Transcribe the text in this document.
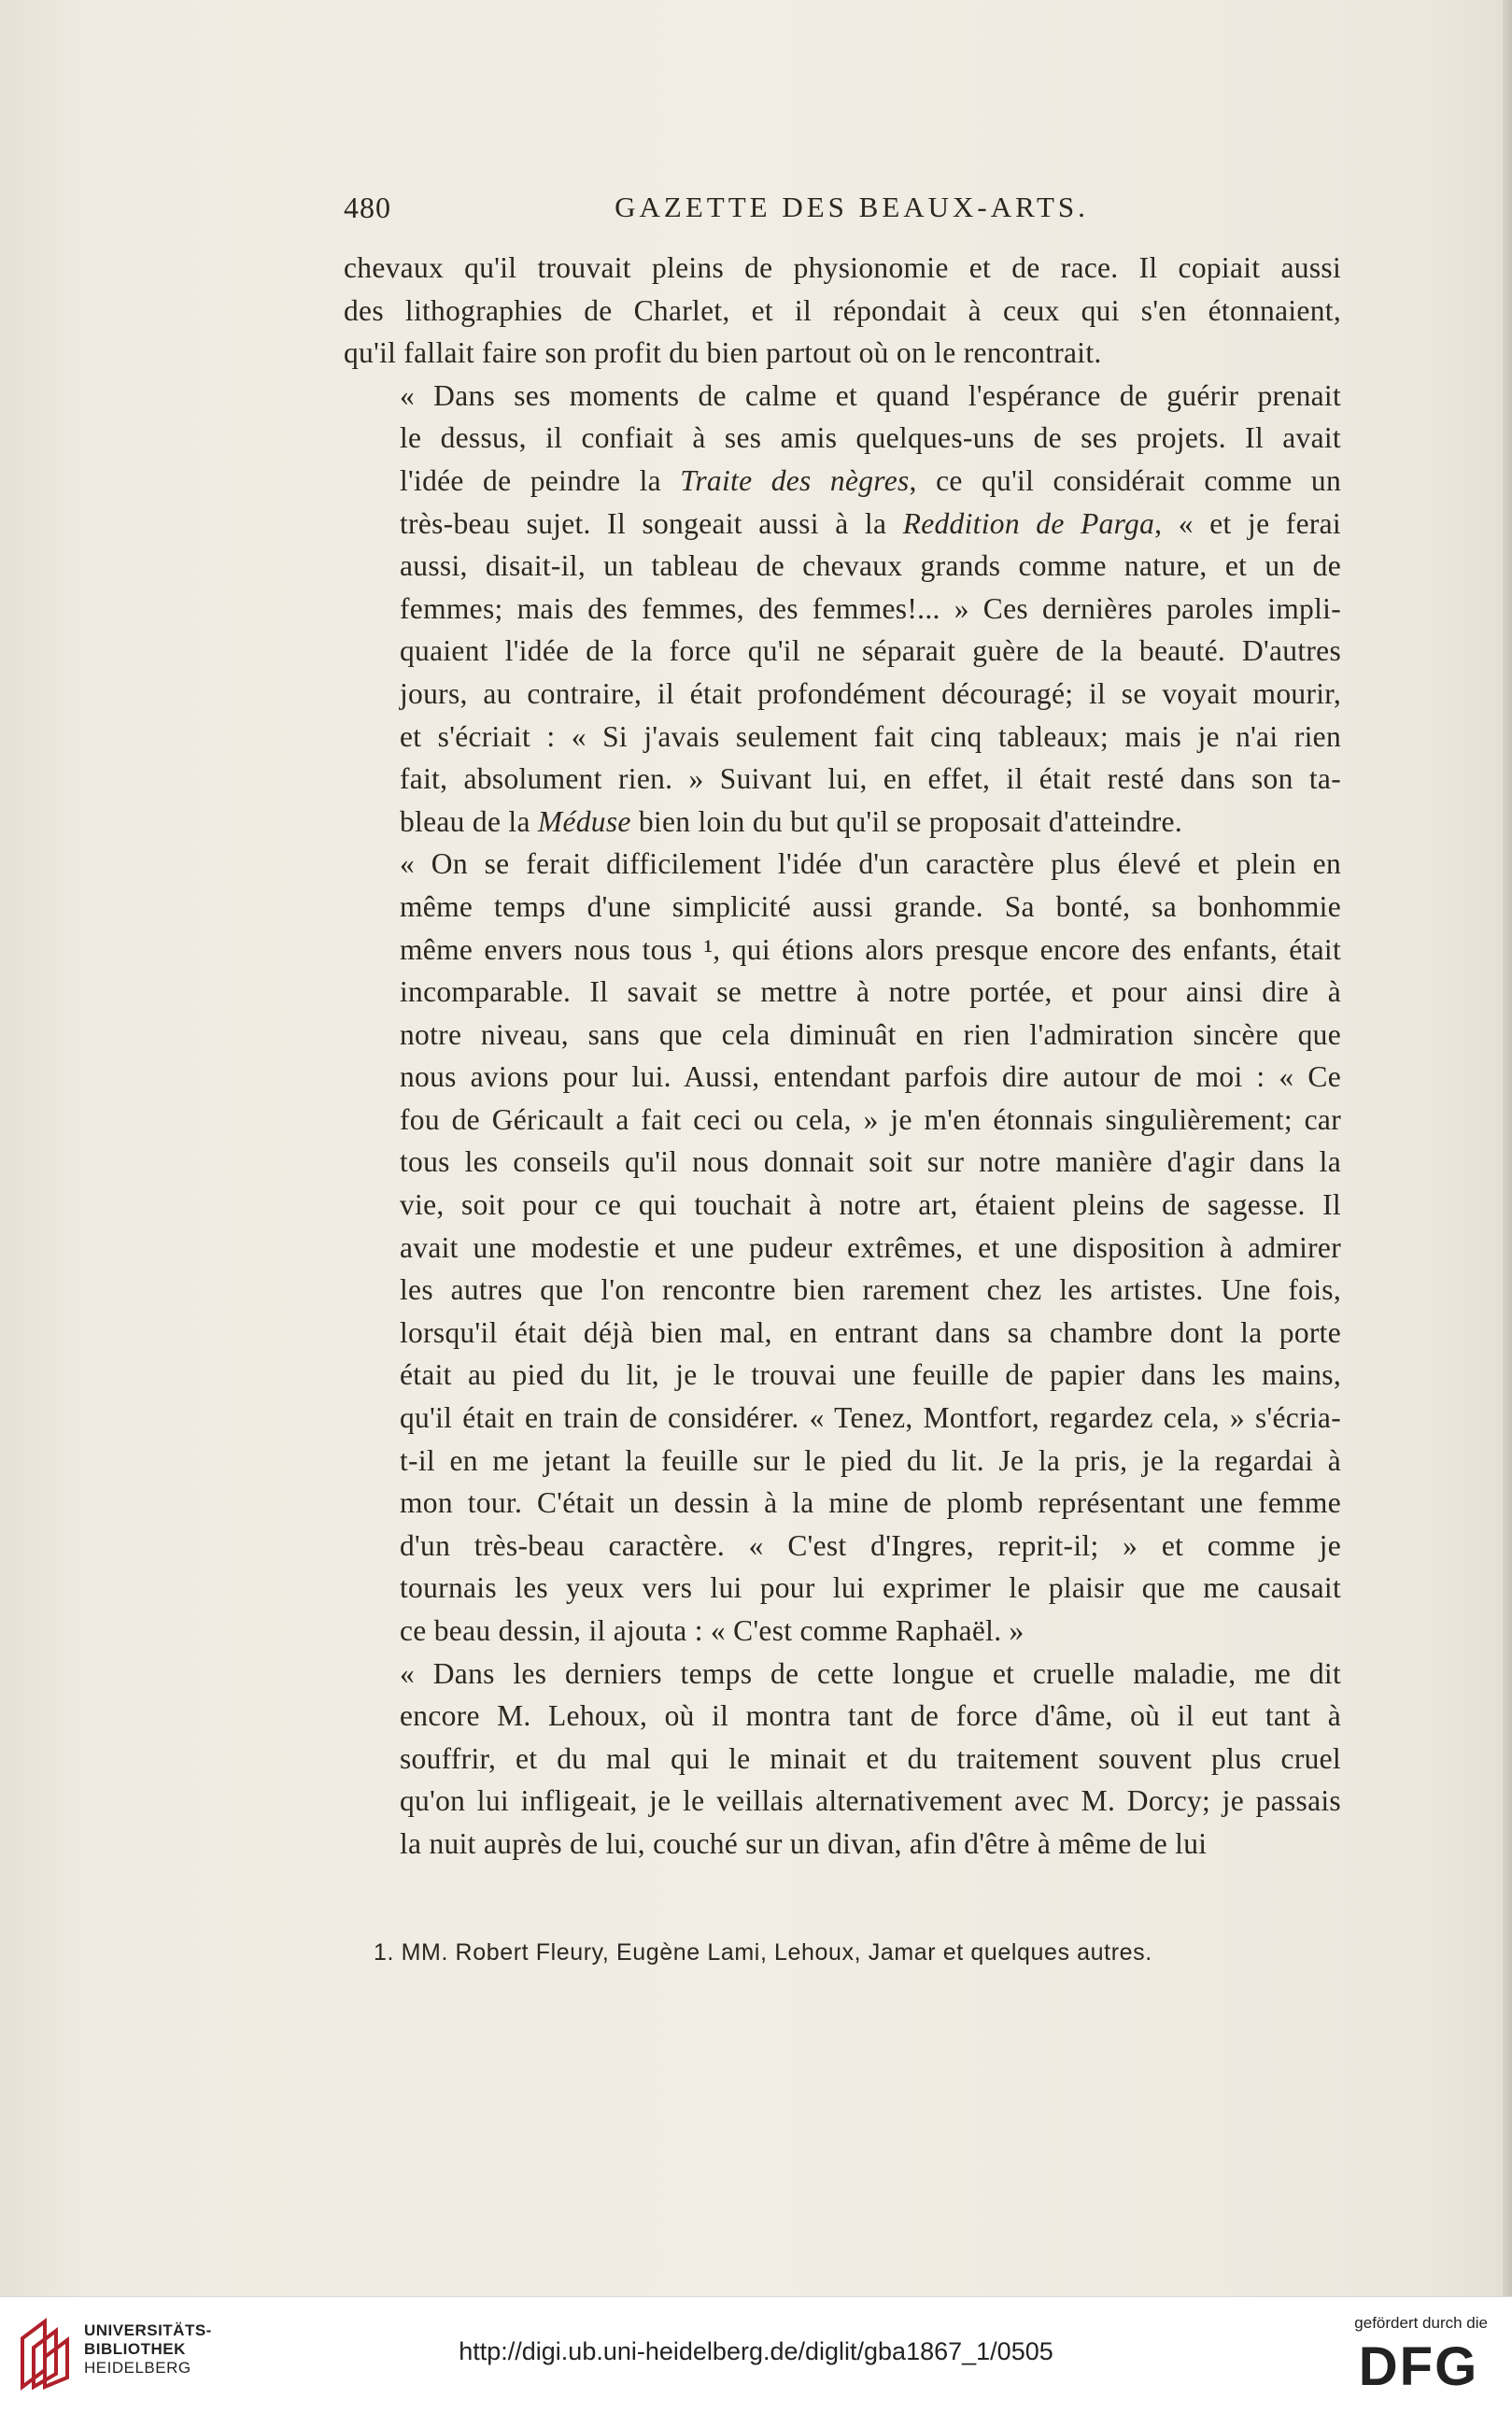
480	GAZETTE DES BEAUX-ARTS.

chevaux qu'il trouvait pleins de physionomie et de race. Il copiait aussi
des lithographies de Charlet, et il répondait à ceux qui s'en étonnaient,
qu'il fallait faire son profit du bien partout où on le rencontrait.

« Dans ses moments de calme et quand l'espérance de guérir prenait
le dessus, il confiait à ses amis quelques-uns de ses projets. Il avait
l'idée de peindre la Traite des nègres, ce qu'il considérait comme un
très-beau sujet. Il songeait aussi à la Reddition de Parga, « et je ferai
aussi, disait-il, un tableau de chevaux grands comme nature, et un de
femmes; mais des femmes, des femmes!... » Ces dernières paroles impli-
quaient l'idée de la force qu'il ne séparait guère de la beauté. D'autres
jours, au contraire, il était profondément découragé; il se voyait mourir,
et s'écriait : « Si j'avais seulement fait cinq tableaux; mais je n'ai rien
fait, absolument rien. » Suivant lui, en effet, il était resté dans son ta-
bleau de la Méduse bien loin du but qu'il se proposait d'atteindre.

« On se ferait difficilement l'idée d'un caractère plus élevé et plein en
même temps d'une simplicité aussi grande. Sa bonté, sa bonhommie
même envers nous tous ¹, qui étions alors presque encore des enfants, était
incomparable. Il savait se mettre à notre portée, et pour ainsi dire à
notre niveau, sans que cela diminuât en rien l'admiration sincère que
nous avions pour lui. Aussi, entendant parfois dire autour de moi : « Ce
fou de Géricault a fait ceci ou cela, » je m'en étonnais singulièrement; car
tous les conseils qu'il nous donnait soit sur notre manière d'agir dans la
vie, soit pour ce qui touchait à notre art, étaient pleins de sagesse. Il
avait une modestie et une pudeur extrêmes, et une disposition à admirer
les autres que l'on rencontre bien rarement chez les artistes. Une fois,
lorsqu'il était déjà bien mal, en entrant dans sa chambre dont la porte
était au pied du lit, je le trouvai une feuille de papier dans les mains,
qu'il était en train de considérer. « Tenez, Montfort, regardez cela, » s'écria-
t-il en me jetant la feuille sur le pied du lit. Je la pris, je la regardai à
mon tour. C'était un dessin à la mine de plomb représentant une femme
d'un très-beau caractère. « C'est d'Ingres, reprit-il; » et comme je
tournais les yeux vers lui pour lui exprimer le plaisir que me causait
ce beau dessin, il ajouta : « C'est comme Raphaël. »

« Dans les derniers temps de cette longue et cruelle maladie, me dit
encore M. Lehoux, où il montra tant de force d'âme, où il eut tant à
souffrir, et du mal qui le minait et du traitement souvent plus cruel
qu'on lui infligeait, je le veillais alternativement avec M. Dorcy; je passais
la nuit auprès de lui, couché sur un divan, afin d'être à même de lui

1. MM. Robert Fleury, Eugène Lami, Lehoux, Jamar et quelques autres.
UNIVERSITÄTS-
BIBLIOTHEK
HEIDELBERG
http://digi.ub.uni-heidelberg.de/diglit/gba1867_1/0505
gefördert durch die
DFG
